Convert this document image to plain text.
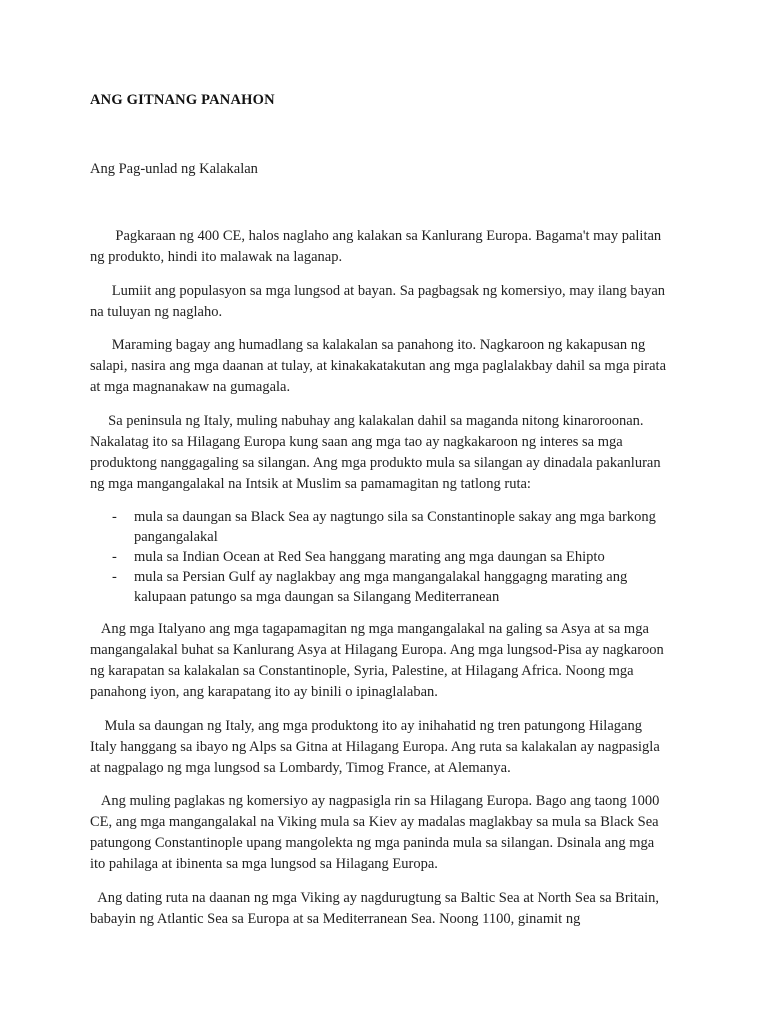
ANG GITNANG PANAHON
Ang Pag-unlad ng Kalakalan

Pagkaraan ng 400 CE, halos naglaho ang kalakan sa Kanlurang Europa. Bagama't may palitan ng produkto, hindi ito malawak na laganap.

Lumiit ang populasyon sa mga lungsod at bayan. Sa pagbagsak ng komersiyo, may ilang bayan na tuluyan ng naglaho.

Maraming bagay ang humadlang sa kalakalan sa panahong ito. Nagkaroon ng kakapusan ng salapi, nasira ang mga daanan at tulay, at kinakakatakutan ang mga paglalakbay dahil sa mga pirata at mga magnanakaw na gumagala.

Sa peninsula ng Italy, muling nabuhay ang kalakalan dahil sa maganda nitong kinaroroonan. Nakalatag ito sa Hilagang Europa kung saan ang mga tao ay nagkakaroon ng interes sa mga produktong nanggagaling sa silangan. Ang mga produkto mula sa silangan ay dinadala pakanluran ng mga mangangalakal na Intsik at Muslim sa pamamagitan ng tatlong ruta:

- mula sa daungan sa Black Sea ay nagtungo sila sa Constantinople sakay ang mga barkong pangangalakal
- mula sa Indian Ocean at Red Sea hanggang marating ang mga daungan sa Ehipto
- mula sa Persian Gulf ay naglakbay ang mga mangangalakal hanggagng marating ang kalupaan patungo sa mga daungan sa Silangang Mediterranean

Ang mga Italyano ang mga tagapamagitan ng mga mangangalakal na galing sa Asya at sa mga mangangalakal buhat sa Kanlurang Asya at Hilagang Europa. Ang mga lungsod-Pisa ay nagkaroon ng karapatan sa kalakalan sa Constantinople, Syria, Palestine, at Hilagang Africa. Noong mga panahong iyon, ang karapatang ito ay binili o ipinaglalaban.

Mula sa daungan ng Italy, ang mga produktong ito ay inihahatid ng tren patungong Hilagang Italy hanggang sa ibayo ng Alps sa Gitna at Hilagang Europa. Ang ruta sa kalakalan ay nagpasigla at nagpalago ng mga lungsod sa Lombardy, Timog France, at Alemanya.

Ang muling paglakas ng komersiyo ay nagpasigla rin sa Hilagang Europa. Bago ang taong 1000 CE, ang mga mangangalakal na Viking mula sa Kiev ay madalas maglakbay sa mula sa Black Sea patungong Constantinople upang mangolekta ng mga paninda mula sa silangan. Dsinala ang mga ito pahilaga at ibinenta sa mga lungsod sa Hilagang Europa.

Ang dating ruta na daanan ng mga Viking ay nagdurugtung sa Baltic Sea at North Sea sa Britain, babayin ng Atlantic Sea sa Europa at sa Mediterranean Sea. Noong 1100, ginamit ng
